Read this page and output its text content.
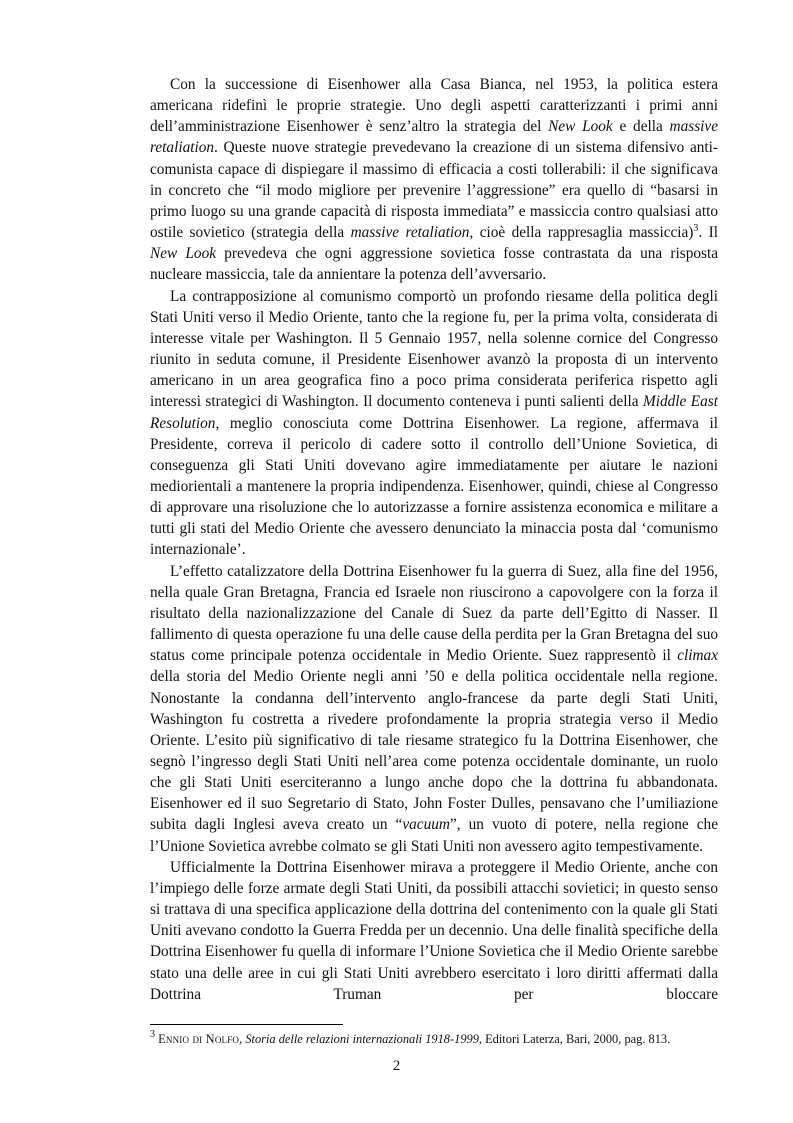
Con la successione di Eisenhower alla Casa Bianca, nel 1953, la politica estera americana ridefinì le proprie strategie. Uno degli aspetti caratterizzanti i primi anni dell’amministrazione Eisenhower è senz’altro la strategia del New Look e della massive retaliation. Queste nuove strategie prevedevano la creazione di un sistema difensivo anti-comunista capace di dispiegare il massimo di efficacia a costi tollerabili: il che significava in concreto che “il modo migliore per prevenire l’aggressione” era quello di “basarsi in primo luogo su una grande capacità di risposta immediata” e massiccia contro qualsiasi atto ostile sovietico (strategia della massive retaliation, cioè della rappresaglia massiccia)$^3$. Il New Look prevedeva che ogni aggressione sovietica fosse contrastata da una risposta nucleare massiccia, tale da annientare la potenza dell’avversario.

La contrapposizione al comunismo comportò un profondo riesame della politica degli Stati Uniti verso il Medio Oriente, tanto che la regione fu, per la prima volta, considerata di interesse vitale per Washington. Il 5 Gennaio 1957, nella solenne cornice del Congresso riunito in seduta comune, il Presidente Eisenhower avanzò la proposta di un intervento americano in un area geografica fino a poco prima considerata periferica rispetto agli interessi strategici di Washington. Il documento conteneva i punti salienti della Middle East Resolution, meglio conosciuta come Dottrina Eisenhower. La regione, affermava il Presidente, correva il pericolo di cadere sotto il controllo dell’Unione Sovietica, di conseguenza gli Stati Uniti dovevano agire immediatamente per aiutare le nazioni mediorientali a mantenere la propria indipendenza. Eisenhower, quindi, chiese al Congresso di approvare una risoluzione che lo autorizzasse a fornire assistenza economica e militare a tutti gli stati del Medio Oriente che avessero denunciato la minaccia posta dal ‘comunismo internazionale’.

L’effetto catalizzatore della Dottrina Eisenhower fu la guerra di Suez, alla fine del 1956, nella quale Gran Bretagna, Francia ed Israele non riuscirono a capovolgere con la forza il risultato della nazionalizzazione del Canale di Suez da parte dell’Egitto di Nasser. Il fallimento di questa operazione fu una delle cause della perdita per la Gran Bretagna del suo status come principale potenza occidentale in Medio Oriente. Suez rappresentò il climax della storia del Medio Oriente negli anni ’50 e della politica occidentale nella regione. Nonostante la condanna dell’intervento anglo-francese da parte degli Stati Uniti, Washington fu costretta a rivedere profondamente la propria strategia verso il Medio Oriente. L’esito più significativo di tale riesame strategico fu la Dottrina Eisenhower, che segnò l’ingresso degli Stati Uniti nell’area come potenza occidentale dominante, un ruolo che gli Stati Uniti eserciteranno a lungo anche dopo che la dottrina fu abbandonata. Eisenhower ed il suo Segretario di Stato, John Foster Dulles, pensavano che l’umiliazione subita dagli Inglesi aveva creato un “vacuum”, un vuoto di potere, nella regione che l’Unione Sovietica avrebbe colmato se gli Stati Uniti non avessero agito tempestivamente.

Ufficialmente la Dottrina Eisenhower mirava a proteggere il Medio Oriente, anche con l’impiego delle forze armate degli Stati Uniti, da possibili attacchi sovietici; in questo senso si trattava di una specifica applicazione della dottrina del contenimento con la quale gli Stati Uniti avevano condotto la Guerra Fredda per un decennio. Una delle finalità specifiche della Dottrina Eisenhower fu quella di informare l’Unione Sovietica che il Medio Oriente sarebbe stato una delle aree in cui gli Stati Uniti avrebbero esercitato i loro diritti affermati dalla Dottrina Truman per bloccare

$^3$ Ennio di Nolfo, Storia delle relazioni internazionali 1918-1999, Editori Laterza, Bari, 2000, pag. 813.
2
